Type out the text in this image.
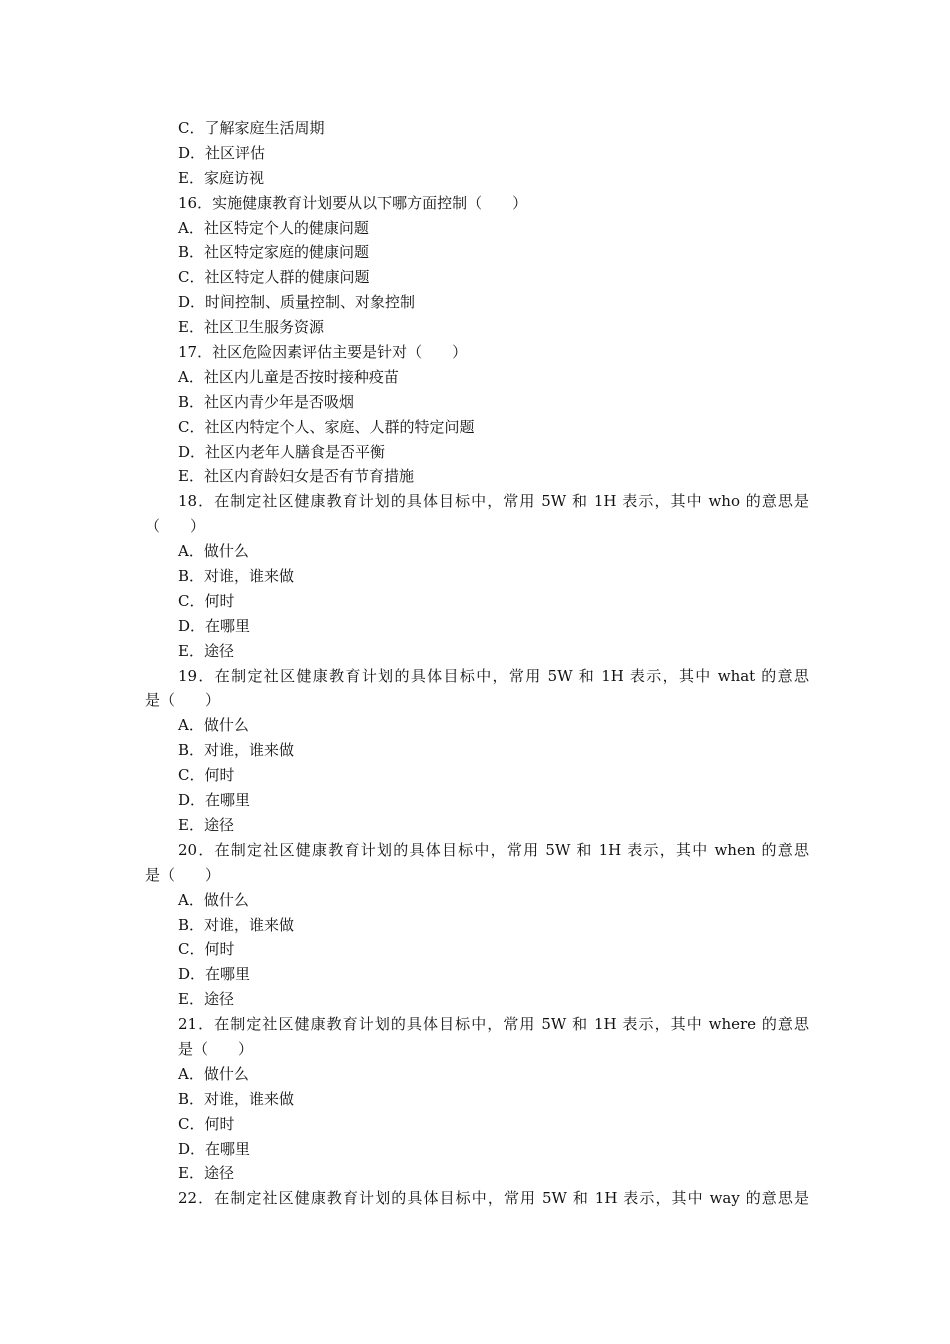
C．了解家庭生活周期
D．社区评估
E．家庭访视
16．实施健康教育计划要从以下哪方面控制（　　）
A．社区特定个人的健康问题
B．社区特定家庭的健康问题
C．社区特定人群的健康问题
D．时间控制、质量控制、对象控制
E．社区卫生服务资源
17．社区危险因素评估主要是针对（　　）
A．社区内儿童是否按时接种疫苗
B．社区内青少年是否吸烟
C．社区内特定个人、家庭、人群的特定问题
D．社区内老年人膳食是否平衡
E．社区内育龄妇女是否有节育措施
18．在制定社区健康教育计划的具体目标中，常用 5W 和 1H 表示，其中 who 的意思是
（　　）
A．做什么
B．对谁，谁来做
C．何时
D．在哪里
E．途径
19．在制定社区健康教育计划的具体目标中，常用 5W 和 1H 表示，其中 what 的意思
是（　　）
A．做什么
B．对谁，谁来做
C．何时
D．在哪里
E．途径
20．在制定社区健康教育计划的具体目标中，常用 5W 和 1H 表示，其中 when 的意思
是（　　）
A．做什么
B．对谁，谁来做
C．何时
D．在哪里
E．途径
21．在制定社区健康教育计划的具体目标中，常用 5W 和 1H 表示，其中 where 的意思
是（　　）
A．做什么
B．对谁，谁来做
C．何时
D．在哪里
E．途径
22．在制定社区健康教育计划的具体目标中，常用 5W 和 1H 表示，其中 way 的意思是
